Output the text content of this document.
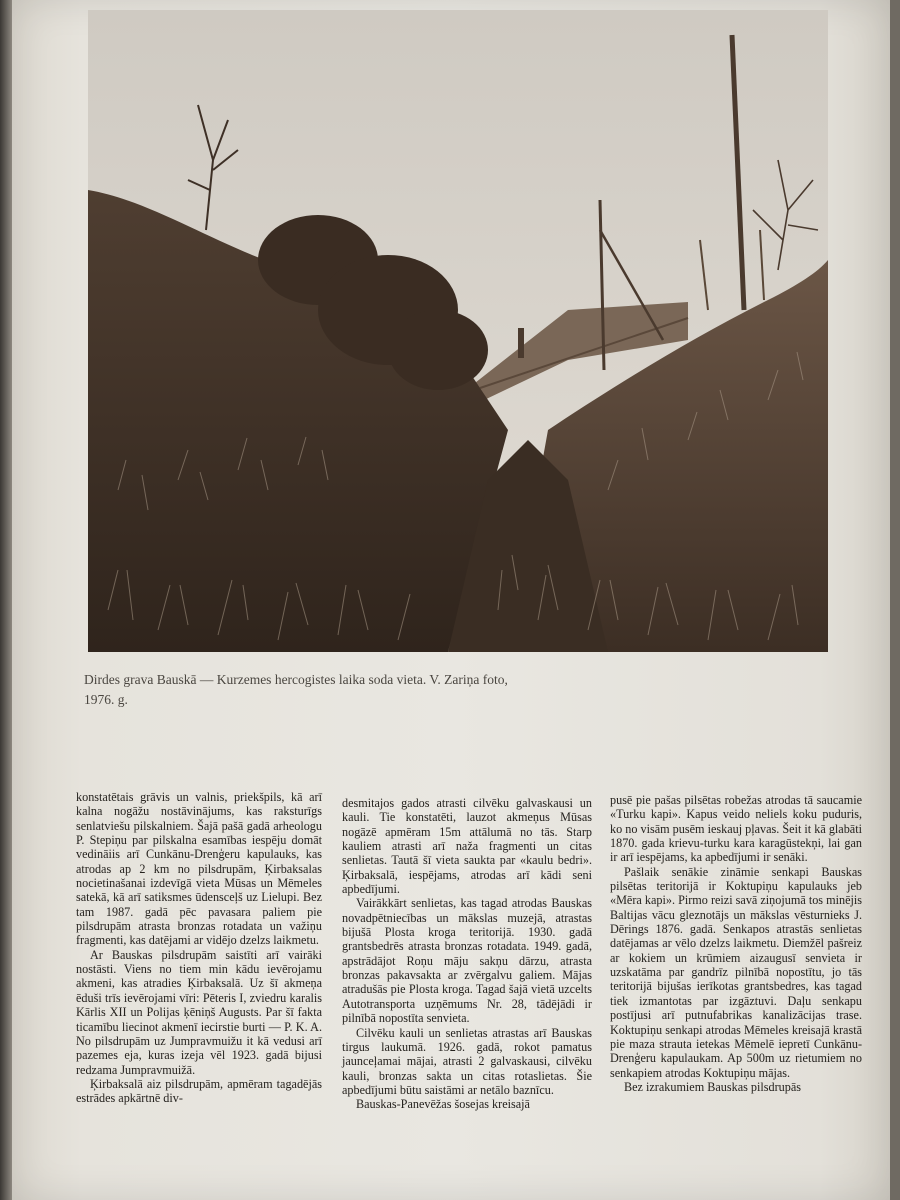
Dirdes grava Bauskā — Kurzemes hercogistes laika soda vieta. V. Zariņa foto,
1976. g.

konstatētais grāvis un valnis, priekšpils, kā arī kalna nogāžu nostāvinājums, kas raksturīgs senlatviešu pilskalniem. Šajā pašā gadā arheologu P. Stepiņu par pilskalna esamības iespēju domāt vedināiis arī Cunkānu-Drenģeru kapulauks, kas atrodas ap 2 km no pilsdrupām, Ķirbaksalas nocietinašanai izdevīgā vieta Mūsas un Mēmeles satekā, kā arī satiksmes ūdensceļš uz Lielupi. Bez tam 1987. gadā pēc pavasara paliem pie pilsdrupām atrasta bronzas rotadata un važiņu fragmenti, kas datējami ar vidējo dzelzs laikmetu.

Ar Bauskas pilsdrupām saistīti arī vairāki nostāsti. Viens no tiem min kādu ievērojamu akmeni, kas atradies Ķirbaksalā. Uz šī akmeņa ēduši trīs ievērojami vīri: Pēteris I, zviedru karalis Kārlis XII un Polijas ķēniņš Augusts. Par šī fakta ticamību liecinot akmenī iecirstie burti — P. K. A. No pilsdrupām uz Jumpravmuižu it kā vedusi arī pazemes eja, kuras izeja vēl 1923. gadā bijusi redzama Jumpravmuižā.

Ķirbaksalā aiz pilsdrupām, apmēram tagadējās estrādes apkārtnē div-

desmitajos gados atrasti cilvēku galvaskausi un kauli. Tie konstatēti, lauzot akmeņus Mūsas nogāzē apmēram 15m attālumā no tās. Starp kauliem atrasti arī naža fragmenti un citas senlietas. Tautā šī vieta saukta par «kaulu bedri». Ķirbaksalā, iespējams, atrodas arī kādi seni apbedījumi.

Vairākkārt senlietas, kas tagad atrodas Bauskas novadpētniecības un mākslas muzejā, atrastas bijušā Plosta kroga teritorijā. 1930. gadā grantsbedrēs atrasta bronzas rotadata. 1949. gadā, apstrādājot Roņu māju sakņu dārzu, atrasta bronzas pakavsakta ar zvērgalvu galiem. Mājas atradušās pie Plosta kroga. Tagad šajā vietā uzcelts Autotransporta uzņēmums Nr. 28, tādējādi ir pilnībā nopostīta senvieta.

Cilvēku kauli un senlietas atrastas arī Bauskas tirgus laukumā. 1926. gadā, rokot pamatus jaunceļamai mājai, atrasti 2 galvaskausi, cilvēku kauli, bronzas sakta un citas rotaslietas. Šie apbedījumi būtu saistāmi ar netālo baznīcu.

Bauskas-Panevēžas šosejas kreisajā

pusē pie pašas pilsētas robežas atrodas tā saucamie «Turku kapi». Kapus veido neliels koku puduris, ko no visām pusēm ieskauj pļavas. Šeit it kā glabāti 1870. gada krievu-turku kara karagūstekņi, lai gan ir arī iespējams, ka apbedījumi ir senāki.

Pašlaik senākie zināmie senkapi Bauskas pilsētas teritorijā ir Koktupiņu kapulauks jeb «Mēra kapi». Pirmo reizi savā ziņojumā tos minējis Baltijas vācu gleznotājs un mākslas vēsturnieks J. Dērings 1876. gadā. Senkapos atrastās senlietas datējamas ar vēlo dzelzs laikmetu. Diemžēl pašreiz ar kokiem un krūmiem aizaugusī senvieta ir uzskatāma par gandrīz pilnībā nopostītu, jo tās teritorijā bijušas ierīkotas grantsbedres, kas tagad tiek izmantotas par izgāztuvi. Daļu senkapu postījusi arī putnufabrikas kanalizācijas trase. Koktupiņu senkapi atrodas Mēmeles kreisajā krastā pie maza strauta ietekas Mēmelē iepretī Cunkānu-Drenģeru kapulaukam. Ap 500m uz rietumiem no senkapiem atrodas Koktupiņu mājas.

Bez izrakumiem Bauskas pilsdrupās
